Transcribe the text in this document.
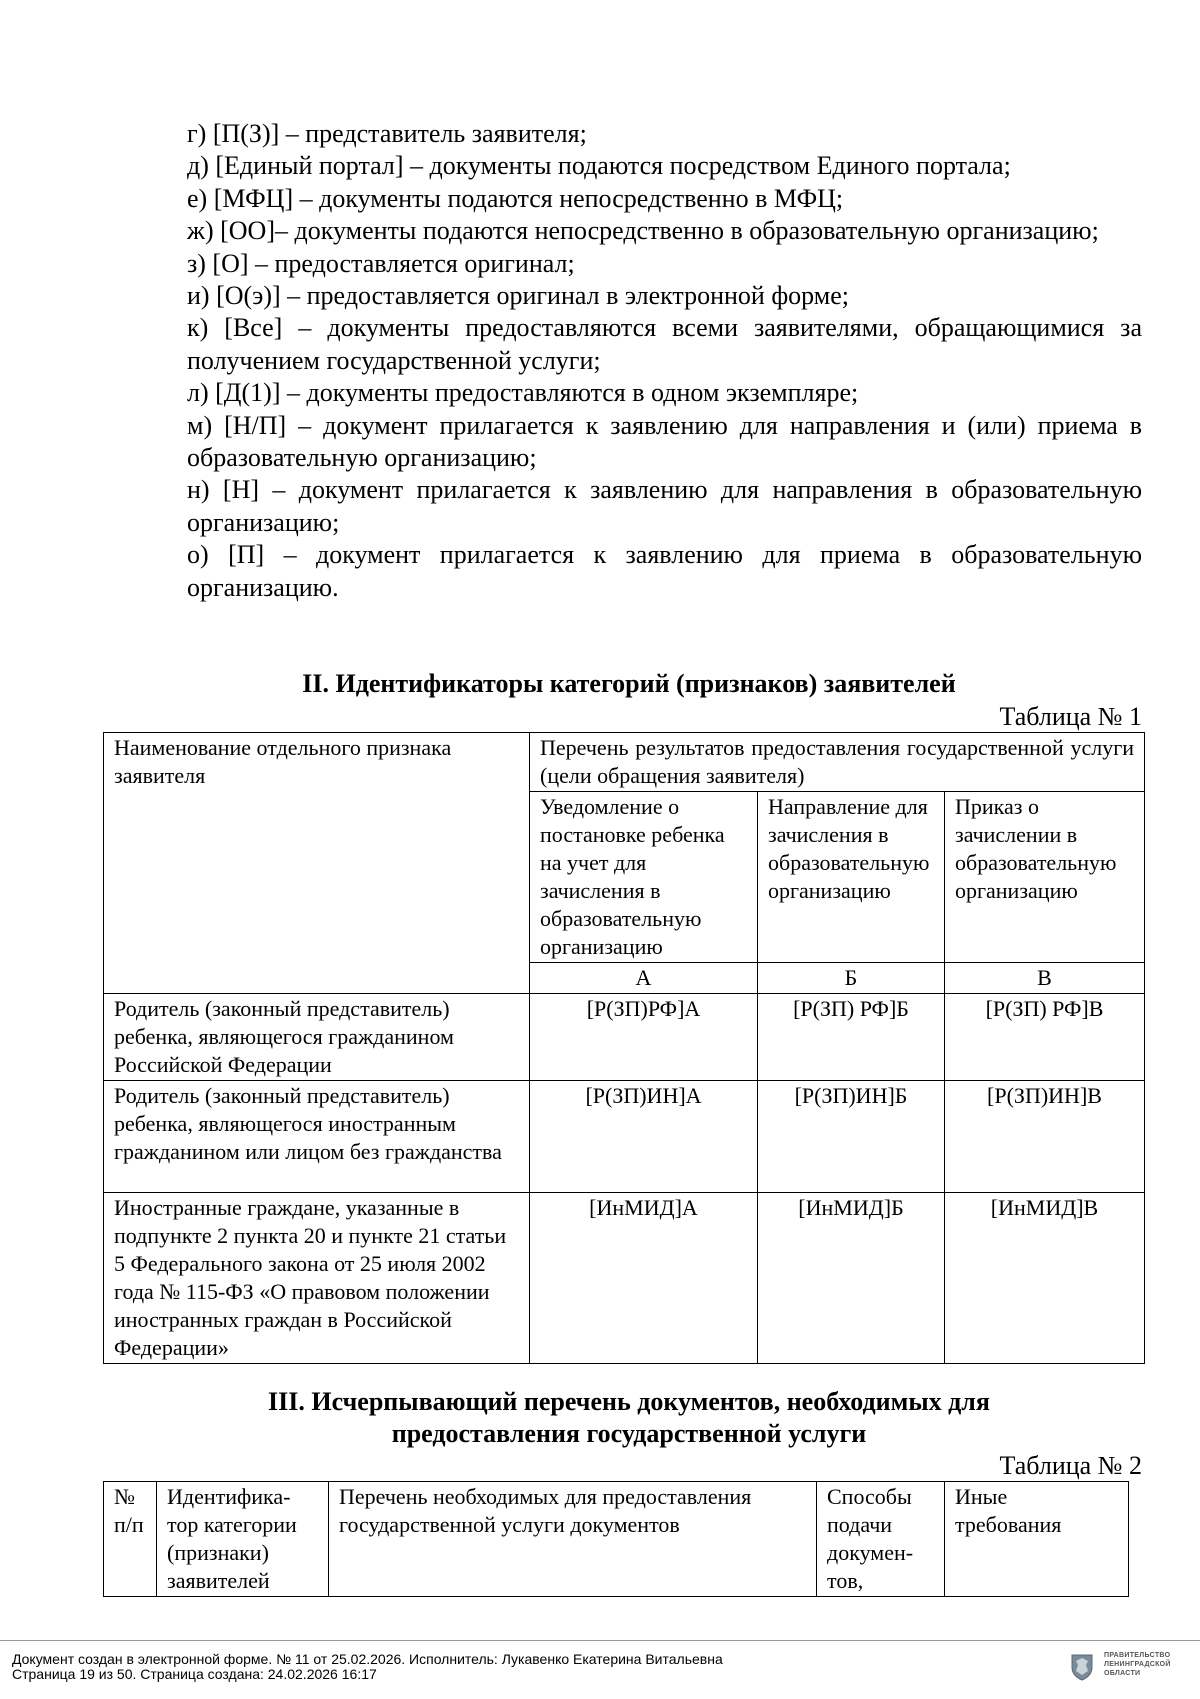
г) [П(З)] – представитель заявителя;

д) [Единый портал] – документы подаются посредством Единого портала;

е) [МФЦ] – документы подаются непосредственно в МФЦ;

ж) [ОО]– документы подаются непосредственно в образовательную организацию;

з) [О] – предоставляется оригинал;

и) [О(э)] – предоставляется оригинал в электронной форме;

к) [Все] – документы предоставляются всеми заявителями, обращающимися за получением государственной услуги;

л) [Д(1)] – документы предоставляются в одном экземпляре;

м) [Н/П] – документ прилагается к заявлению для направления и (или) приема в образовательную организацию;

н) [Н] – документ прилагается к заявлению для направления в образовательную организацию;

о) [П] – документ прилагается к заявлению для приема в образовательную организацию.

II. Идентификаторы категорий (признаков) заявителей
Таблица № 1
Наименование отдельного признака заявителя	Перечень результатов предоставления государственной услуги (цели обращения заявителя)		
	Уведомление о постановке ребенка на учет для зачисления в образовательную организацию	Направление для зачисления в образовательную организацию	Приказ о зачислении в образовательную организацию
	А	Б	В
Родитель (законный представитель) ребенка, являющегося гражданином Российской Федерации	[Р(ЗП)РФ]А	[Р(ЗП) РФ]Б	[Р(ЗП) РФ]В
Родитель (законный представитель) ребенка, являющегося иностранным гражданином или лицом без гражданства	[Р(ЗП)ИН]А	[Р(ЗП)ИН]Б	[Р(ЗП)ИН]В
Иностранные граждане, указанные в подпункте 2 пункта 20 и пункте 21 статьи 5 Федерального закона от 25 июля 2002 года № 115-ФЗ «О правовом положении иностранных граждан в Российской Федерации»	[ИнМИД]А	[ИнМИД]Б	[ИнМИД]В
III. Исчерпывающий перечень документов, необходимых для
предоставления государственной услуги
Таблица № 2
№ п/п	Идентифика-тор категории (признаки) заявителей	Перечень необходимых для предоставления государственной услуги документов	Способы подачи докумен-тов,	Иные требования
Документ создан в электронной форме. № 11 от 25.02.2026. Исполнитель: Лукавенко Екатерина Витальевна
Страница 19 из 50. Страница создана: 24.02.2026 16:17
ПРАВИТЕЛЬСТВО
ЛЕНИНГРАДСКОЙ
ОБЛАСТИ
